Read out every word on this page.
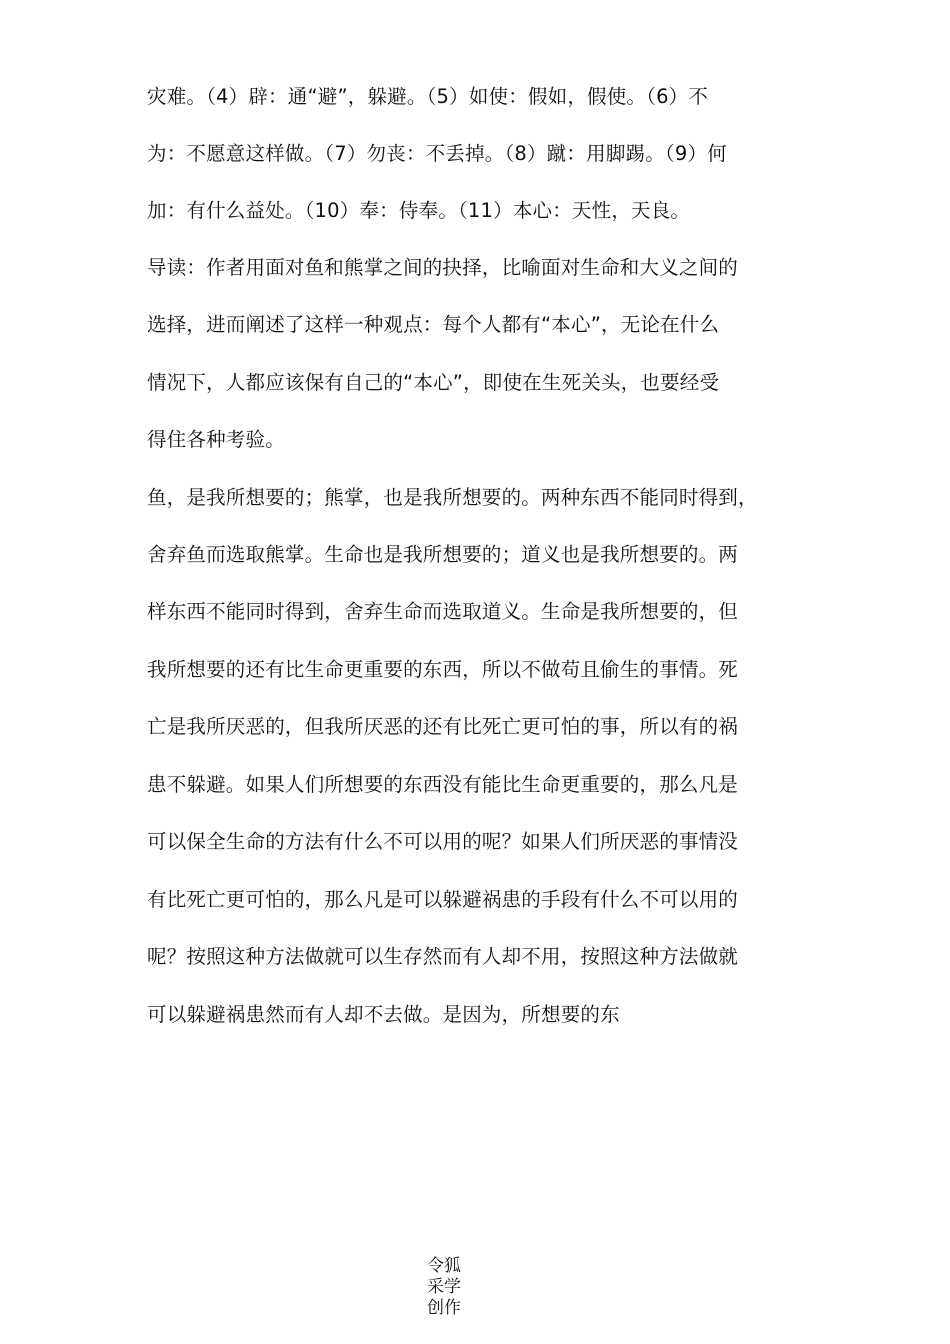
灾难。（4）辟：通“避”，躲避。（5）如使：假如，假使。（6）不
为：不愿意这样做。（7）勿丧：不丢掉。（8）蹴：用脚踢。（9）何
加：有什么益处。（10）奉：侍奉。（11）本心：天性，天良。
导读：作者用面对鱼和熊掌之间的抉择，比喻面对生命和大义之间的
选择，进而阐述了这样一种观点：每个人都有“本心”，无论在什么
情况下，人都应该保有自己的“本心”，即使在生死关头，也要经受
得住各种考验。
鱼，是我所想要的；熊掌，也是我所想要的。两种东西不能同时得到，
舍弃鱼而选取熊掌。生命也是我所想要的；道义也是我所想要的。两
样东西不能同时得到，舍弃生命而选取道义。生命是我所想要的，但
我所想要的还有比生命更重要的东西，所以不做苟且偷生的事情。死
亡是我所厌恶的，但我所厌恶的还有比死亡更可怕的事，所以有的祸
患不躲避。如果人们所想要的东西没有能比生命更重要的，那么凡是
可以保全生命的方法有什么不可以用的呢？如果人们所厌恶的事情没
有比死亡更可怕的，那么凡是可以躲避祸患的手段有什么不可以用的
呢？按照这种方法做就可以生存然而有人却不用，按照这种方法做就
可以躲避祸患然而有人却不去做。是因为，所想要的东
令狐
采学
创作
